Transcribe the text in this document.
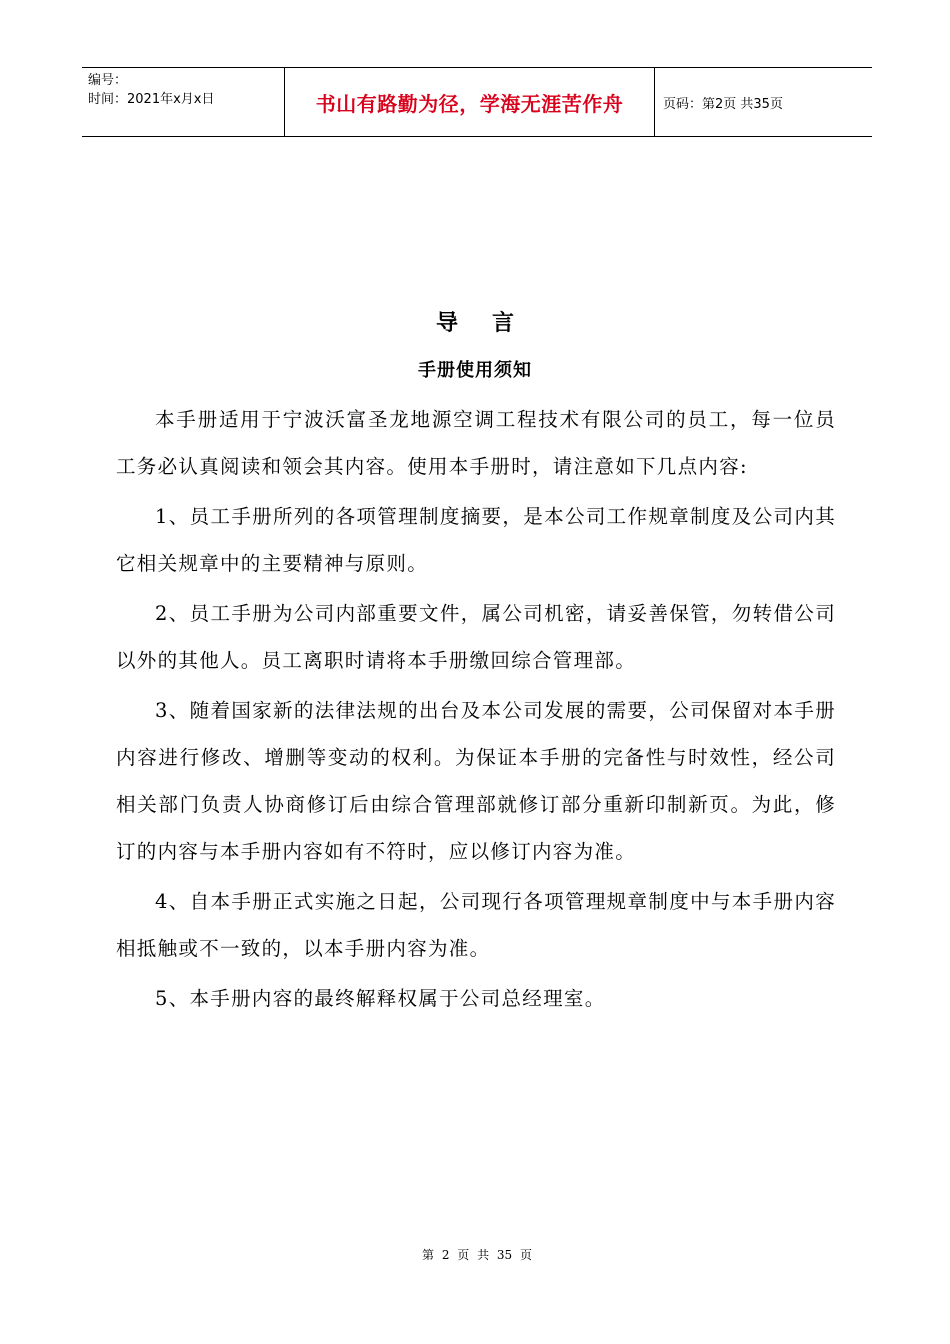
编号：
时间：2021年x月x日	书山有路勤为径，学海无涯苦作舟	页码：第2页 共35页
导言
手册使用须知

本手册适用于宁波沃富圣龙地源空调工程技术有限公司的员工，每一位员工务必认真阅读和领会其内容。使用本手册时，请注意如下几点内容:

1、员工手册所列的各项管理制度摘要，是本公司工作规章制度及公司内其它相关规章中的主要精神与原则。

2、员工手册为公司内部重要文件，属公司机密，请妥善保管，勿转借公司以外的其他人。员工离职时请将本手册缴回综合管理部。

3、随着国家新的法律法规的出台及本公司发展的需要，公司保留对本手册内容进行修改、增删等变动的权利。为保证本手册的完备性与时效性，经公司相关部门负责人协商修订后由综合管理部就修订部分重新印制新页。为此，修订的内容与本手册内容如有不符时，应以修订内容为准。

4、自本手册正式实施之日起，公司现行各项管理规章制度中与本手册内容相抵触或不一致的，以本手册内容为准。

5、本手册内容的最终解释权属于公司总经理室。

第 2 页 共 35 页
